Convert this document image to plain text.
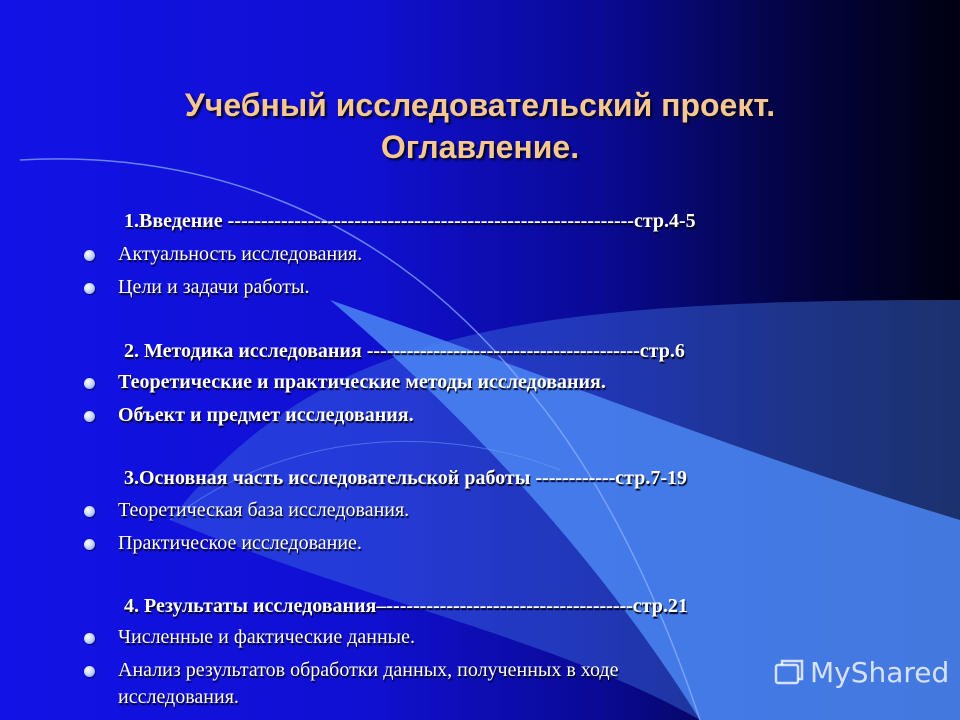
Учебный исследовательский проект.
Оглавление.
1.Введение -------------------------------------------------------------стр.4-5
Актуальность исследования.
Цели и задачи работы.
2. Методика исследования -----------------------------------------стр.6
Теоретические и практические методы исследования.
Объект и предмет исследования.
3.Основная часть исследовательской работы ------------стр.7-19
Теоретическая база исследования.
Практическое исследование.
4. Результаты исследования–-------------------------------------стр.21
Численные и фактические данные.
Анализ результатов обработки данных, полученных в ходе
исследования.
MyShared
